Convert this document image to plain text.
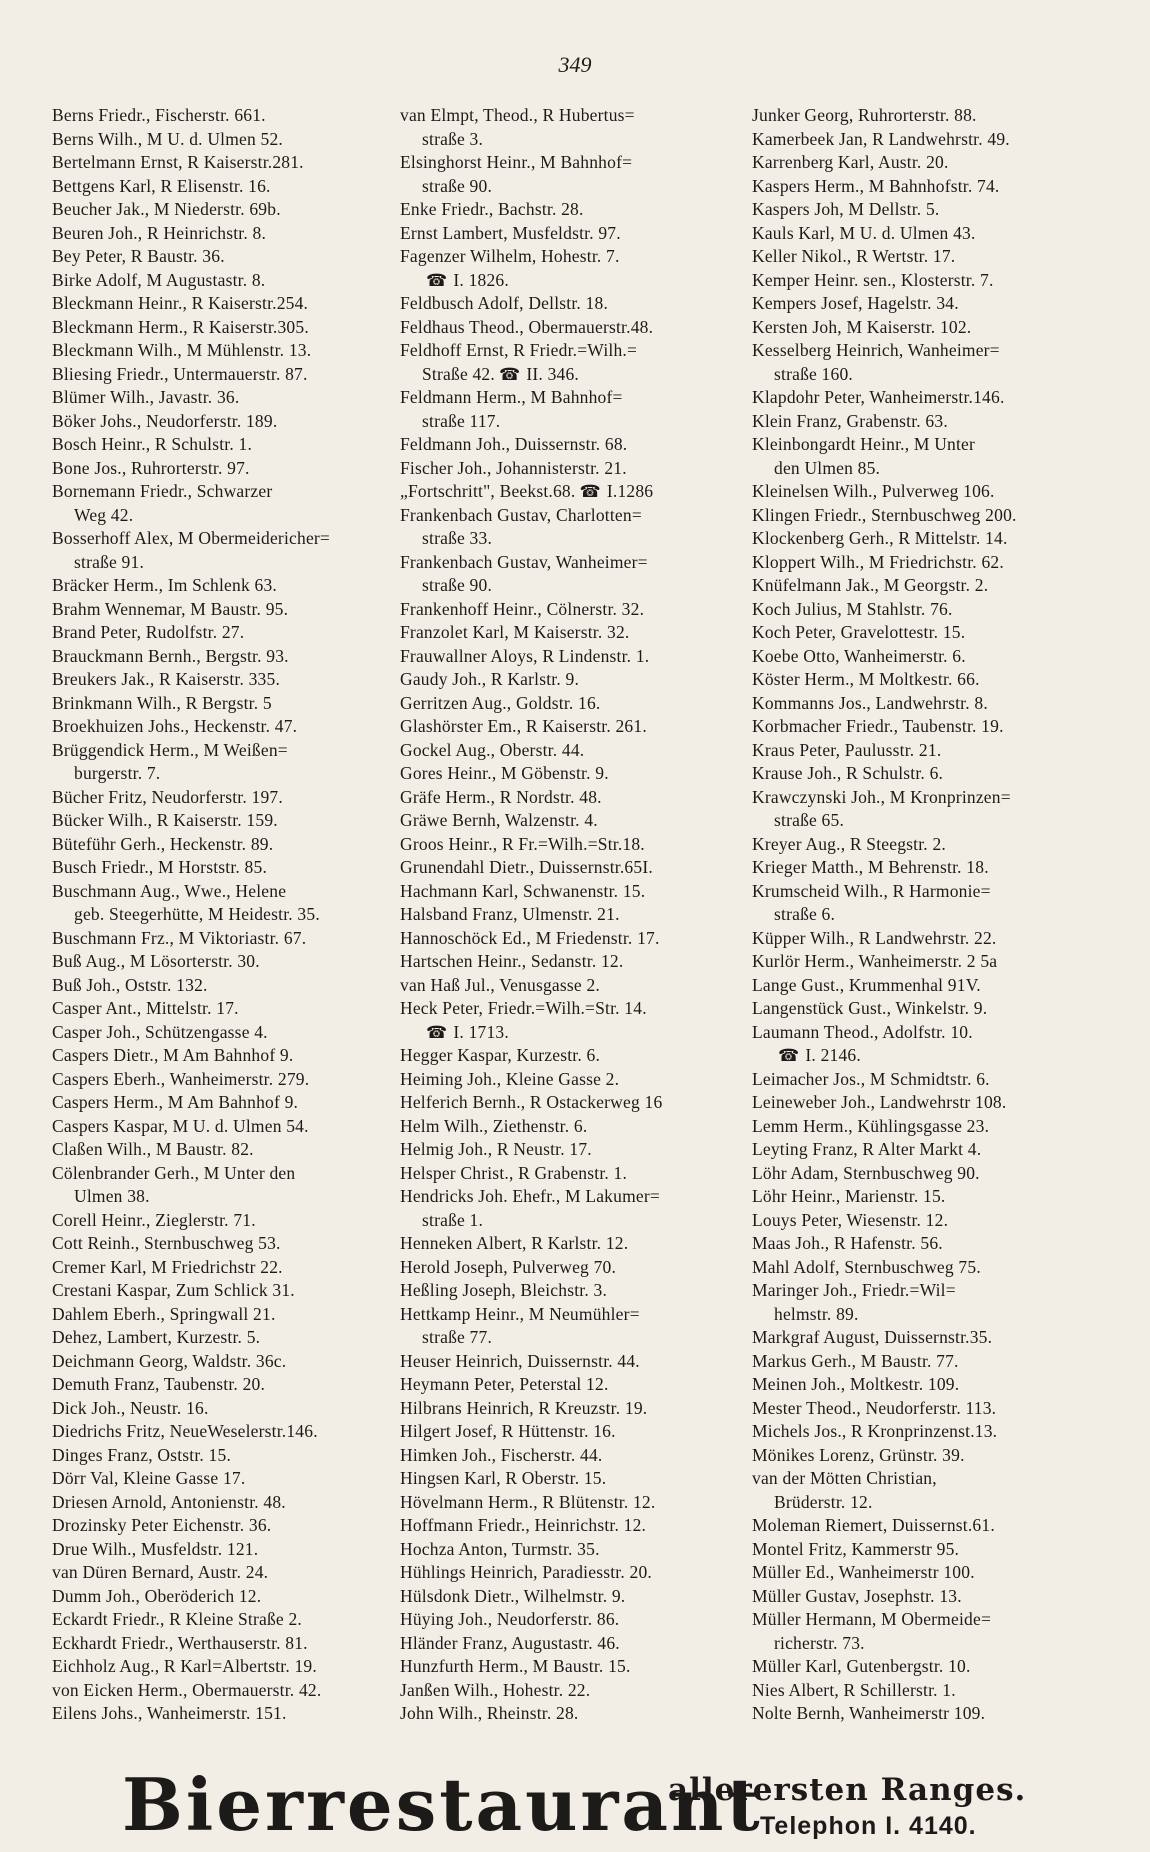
349
Berns Friedr., Fischerstr. 661.
Berns Wilh., M U. d. Ulmen 52.
Bertelmann Ernst, R Kaiserstr.281.
Bettgens Karl, R Elisenstr. 16.
Beucher Jak., M Niederstr. 69b.
Beuren Joh., R Heinrichstr. 8.
Bey Peter, R Baustr. 36.
Birke Adolf, M Augustastr. 8.
Bleckmann Heinr., R Kaiserstr.254.
Bleckmann Herm., R Kaiserstr.305.
Bleckmann Wilh., M Mühlenstr. 13.
Bliesing Friedr., Untermauerstr. 87.
Blümer Wilh., Javastr. 36.
Böker Johs., Neudorferstr. 189.
Bosch Heinr., R Schulstr. 1.
Bone Jos., Ruhrorterstr. 97.
Bornemann Friedr., Schwarzer
Weg 42.
Bosserhoff Alex, M Obermeidericher=
straße 91.
Bräcker Herm., Im Schlenk 63.
Brahm Wennemar, M Baustr. 95.
Brand Peter, Rudolfstr. 27.
Brauckmann Bernh., Bergstr. 93.
Breukers Jak., R Kaiserstr. 335.
Brinkmann Wilh., R Bergstr. 5
Broekhuizen Johs., Heckenstr. 47.
Brüggendick Herm., M Weißen=
burgerstr. 7.
Bücher Fritz, Neudorferstr. 197.
Bücker Wilh., R Kaiserstr. 159.
Büteführ Gerh., Heckenstr. 89.
Busch Friedr., M Horststr. 85.
Buschmann Aug., Wwe., Helene
geb. Steegerhütte, M Heidestr. 35.
Buschmann Frz., M Viktoriastr. 67.
Buß Aug., M Lösorterstr. 30.
Buß Joh., Oststr. 132.
Casper Ant., Mittelstr. 17.
Casper Joh., Schützengasse 4.
Caspers Dietr., M Am Bahnhof 9.
Caspers Eberh., Wanheimerstr. 279.
Caspers Herm., M Am Bahnhof 9.
Caspers Kaspar, M U. d. Ulmen 54.
Claßen Wilh., M Baustr. 82.
Cölenbrander Gerh., M Unter den
Ulmen 38.
Corell Heinr., Zieglerstr. 71.
Cott Reinh., Sternbuschweg 53.
Cremer Karl, M Friedrichstr 22.
Crestani Kaspar, Zum Schlick 31.
Dahlem Eberh., Springwall 21.
Dehez, Lambert, Kurzestr. 5.
Deichmann Georg, Waldstr. 36c.
Demuth Franz, Taubenstr. 20.
Dick Joh., Neustr. 16.
Diedrichs Fritz, NeueWeselerstr.146.
Dinges Franz, Oststr. 15.
Dörr Val, Kleine Gasse 17.
Driesen Arnold, Antonienstr. 48.
Drozinsky Peter Eichenstr. 36.
Drue Wilh., Musfeldstr. 121.
van Düren Bernard, Austr. 24.
Dumm Joh., Oberöderich 12.
Eckardt Friedr., R Kleine Straße 2.
Eckhardt Friedr., Werthauserstr. 81.
Eichholz Aug., R Karl=Albertstr. 19.
von Eicken Herm., Obermauerstr. 42.
Eilens Johs., Wanheimerstr. 151.
van Elmpt, Theod., R Hubertus=
straße 3.
Elsinghorst Heinr., M Bahnhof=
straße 90.
Enke Friedr., Bachstr. 28.
Ernst Lambert, Musfeldstr. 97.
Fagenzer Wilhelm, Hohestr. 7.
☎ I. 1826.
Feldbusch Adolf, Dellstr. 18.
Feldhaus Theod., Obermauerstr.48.
Feldhoff Ernst, R Friedr.=Wilh.=
Straße 42. ☎ II. 346.
Feldmann Herm., M Bahnhof=
straße 117.
Feldmann Joh., Duissernstr. 68.
Fischer Joh., Johannisterstr. 21.
„Fortschritt", Beekst.68. ☎ I.1286
Frankenbach Gustav, Charlotten=
straße 33.
Frankenbach Gustav, Wanheimer=
straße 90.
Frankenhoff Heinr., Cölnerstr. 32.
Franzolet Karl, M Kaiserstr. 32.
Frauwallner Aloys, R Lindenstr. 1.
Gaudy Joh., R Karlstr. 9.
Gerritzen Aug., Goldstr. 16.
Glashörster Em., R Kaiserstr. 261.
Gockel Aug., Oberstr. 44.
Gores Heinr., M Göbenstr. 9.
Gräfe Herm., R Nordstr. 48.
Gräwe Bernh, Walzenstr. 4.
Groos Heinr., R Fr.=Wilh.=Str.18.
Grunendahl Dietr., Duissernstr.65I.
Hachmann Karl, Schwanenstr. 15.
Halsband Franz, Ulmenstr. 21.
Hannoschöck Ed., M Friedenstr. 17.
Hartschen Heinr., Sedanstr. 12.
van Haß Jul., Venusgasse 2.
Heck Peter, Friedr.=Wilh.=Str. 14.
☎ I. 1713.
Hegger Kaspar, Kurzestr. 6.
Heiming Joh., Kleine Gasse 2.
Helferich Bernh., R Ostackerweg 16
Helm Wilh., Ziethenstr. 6.
Helmig Joh., R Neustr. 17.
Helsper Christ., R Grabenstr. 1.
Hendricks Joh. Ehefr., M Lakumer=
straße 1.
Henneken Albert, R Karlstr. 12.
Herold Joseph, Pulverweg 70.
Heßling Joseph, Bleichstr. 3.
Hettkamp Heinr., M Neumühler=
straße 77.
Heuser Heinrich, Duissernstr. 44.
Heymann Peter, Peterstal 12.
Hilbrans Heinrich, R Kreuzstr. 19.
Hilgert Josef, R Hüttenstr. 16.
Himken Joh., Fischerstr. 44.
Hingsen Karl, R Oberstr. 15.
Hövelmann Herm., R Blütenstr. 12.
Hoffmann Friedr., Heinrichstr. 12.
Hochza Anton, Turmstr. 35.
Hühlings Heinrich, Paradiesstr. 20.
Hülsdonk Dietr., Wilhelmstr. 9.
Hüying Joh., Neudorferstr. 86.
Hländer Franz, Augustastr. 46.
Hunzfurth Herm., M Baustr. 15.
Janßen Wilh., Hohestr. 22.
John Wilh., Rheinstr. 28.
Junker Georg, Ruhrorterstr. 88.
Kamerbeek Jan, R Landwehrstr. 49.
Karrenberg Karl, Austr. 20.
Kaspers Herm., M Bahnhofstr. 74.
Kaspers Joh, M Dellstr. 5.
Kauls Karl, M U. d. Ulmen 43.
Keller Nikol., R Wertstr. 17.
Kemper Heinr. sen., Klosterstr. 7.
Kempers Josef, Hagelstr. 34.
Kersten Joh, M Kaiserstr. 102.
Kesselberg Heinrich, Wanheimer=
straße 160.
Klapdohr Peter, Wanheimerstr.146.
Klein Franz, Grabenstr. 63.
Kleinbongardt Heinr., M Unter
den Ulmen 85.
Kleinelsen Wilh., Pulverweg 106.
Klingen Friedr., Sternbuschweg 200.
Klockenberg Gerh., R Mittelstr. 14.
Kloppert Wilh., M Friedrichstr. 62.
Knüfelmann Jak., M Georgstr. 2.
Koch Julius, M Stahlstr. 76.
Koch Peter, Gravelottestr. 15.
Koebe Otto, Wanheimerstr. 6.
Köster Herm., M Moltkestr. 66.
Kommanns Jos., Landwehrstr. 8.
Korbmacher Friedr., Taubenstr. 19.
Kraus Peter, Paulusstr. 21.
Krause Joh., R Schulstr. 6.
Krawczynski Joh., M Kronprinzen=
straße 65.
Kreyer Aug., R Steegstr. 2.
Krieger Matth., M Behrenstr. 18.
Krumscheid Wilh., R Harmonie=
straße 6.
Küpper Wilh., R Landwehrstr. 22.
Kurlör Herm., Wanheimerstr. 2 5a
Lange Gust., Krummenhal 91V.
Langenstück Gust., Winkelstr. 9.
Laumann Theod., Adolfstr. 10.
☎ I. 2146.
Leimacher Jos., M Schmidtstr. 6.
Leineweber Joh., Landwehrstr 108.
Lemm Herm., Kühlingsgasse 23.
Leyting Franz, R Alter Markt 4.
Löhr Adam, Sternbuschweg 90.
Löhr Heinr., Marienstr. 15.
Louys Peter, Wiesenstr. 12.
Maas Joh., R Hafenstr. 56.
Mahl Adolf, Sternbuschweg 75.
Maringer Joh., Friedr.=Wil=
helmstr. 89.
Markgraf August, Duissernstr.35.
Markus Gerh., M Baustr. 77.
Meinen Joh., Moltkestr. 109.
Mester Theod., Neudorferstr. 113.
Michels Jos., R Kronprinzenst.13.
Mönikes Lorenz, Grünstr. 39.
van der Mötten Christian,
Brüderstr. 12.
Moleman Riemert, Duissernst.61.
Montel Fritz, Kammerstr 95.
Müller Ed., Wanheimerstr 100.
Müller Gustav, Josephstr. 13.
Müller Hermann, M Obermeide=
richerstr. 73.
Müller Karl, Gutenbergstr. 10.
Nies Albert, R Schillerstr. 1.
Nolte Bernh, Wanheimerstr 109.
Bierrestaurant
allerersten Ranges.
Telephon I. 4140.
